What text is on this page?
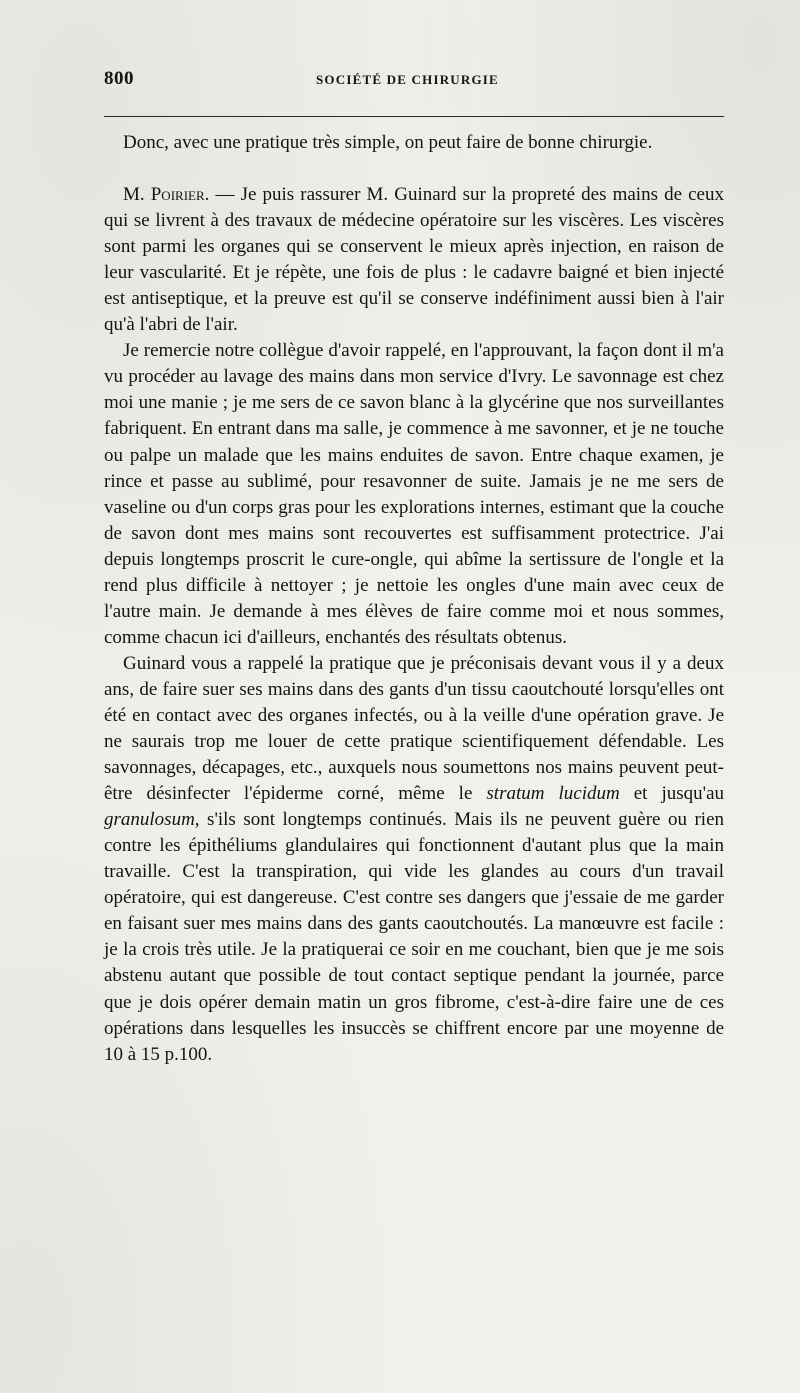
800	SOCIÉTÉ DE CHIRURGIE

Donc, avec une pratique très simple, on peut faire de bonne chirurgie.

M. Poirier. — Je puis rassurer M. Guinard sur la propreté des mains de ceux qui se livrent à des travaux de médecine opératoire sur les viscères. Les viscères sont parmi les organes qui se conservent le mieux après injection, en raison de leur vascularité. Et je répète, une fois de plus : le cadavre baigné et bien injecté est antiseptique, et la preuve est qu'il se conserve indéfiniment aussi bien à l'air qu'à l'abri de l'air.

Je remercie notre collègue d'avoir rappelé, en l'approuvant, la façon dont il m'a vu procéder au lavage des mains dans mon service d'Ivry. Le savonnage est chez moi une manie ; je me sers de ce savon blanc à la glycérine que nos surveillantes fabriquent. En entrant dans ma salle, je commence à me savonner, et je ne touche ou palpe un malade que les mains enduites de savon. Entre chaque examen, je rince et passe au sublimé, pour resavonner de suite. Jamais je ne me sers de vaseline ou d'un corps gras pour les explorations internes, estimant que la couche de savon dont mes mains sont recouvertes est suffisamment protectrice. J'ai depuis longtemps proscrit le cure-ongle, qui abîme la sertissure de l'ongle et la rend plus difficile à nettoyer ; je nettoie les ongles d'une main avec ceux de l'autre main. Je demande à mes élèves de faire comme moi et nous sommes, comme chacun ici d'ailleurs, enchantés des résultats obtenus.

Guinard vous a rappelé la pratique que je préconisais devant vous il y a deux ans, de faire suer ses mains dans des gants d'un tissu caoutchouté lorsqu'elles ont été en contact avec des organes infectés, ou à la veille d'une opération grave. Je ne saurais trop me louer de cette pratique scientifiquement défendable. Les savonnages, décapages, etc., auxquels nous soumettons nos mains peuvent peut-être désinfecter l'épiderme corné, même le stratum lucidum et jusqu'au granulosum, s'ils sont longtemps continués. Mais ils ne peuvent guère ou rien contre les épithéliums glandulaires qui fonctionnent d'autant plus que la main travaille. C'est la transpiration, qui vide les glandes au cours d'un travail opératoire, qui est dangereuse. C'est contre ses dangers que j'essaie de me garder en faisant suer mes mains dans des gants caoutchoutés. La manœuvre est facile : je la crois très utile. Je la pratiquerai ce soir en me couchant, bien que je me sois abstenu autant que possible de tout contact septique pendant la journée, parce que je dois opérer demain matin un gros fibrome, c'est-à-dire faire une de ces opérations dans lesquelles les insuccès se chiffrent encore par une moyenne de 10 à 15 p.100.
